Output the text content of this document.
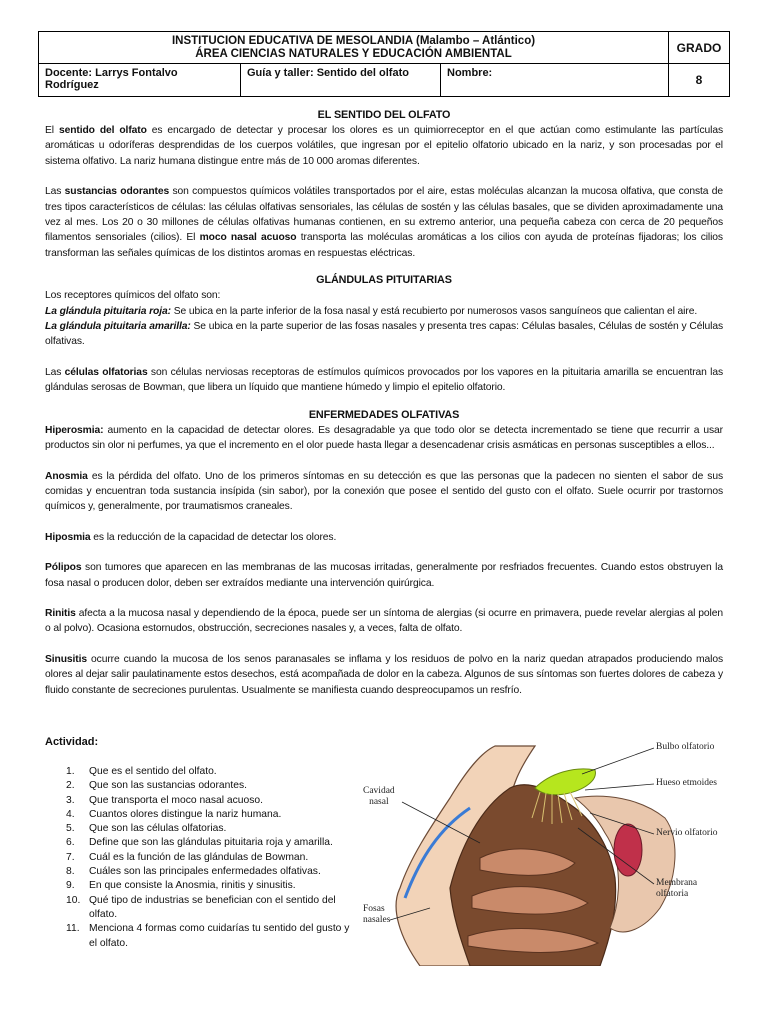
INSTITUCION EDUCATIVA DE MESOLANDIA (Malambo – Atlántico)
ÁREA CIENCIAS NATURALES Y EDUCACIÓN AMBIENTAL	GRADO
8
Docente: Larrys Fontalvo Rodríguez
Guía y taller: Sentido del olfato	Nombre:

EL SENTIDO DEL OLFATO

El sentido del olfato es encargado de detectar y procesar los olores es un quimiorreceptor en el que actúan como estimulante las partículas aromáticas u odoríferas desprendidas de los cuerpos volátiles, que ingresan por el epitelio olfatorio ubicado en la nariz, y son procesadas por el sistema olfativo. La nariz humana distingue entre más de 10 000 aromas diferentes.

Las sustancias odorantes son compuestos químicos volátiles transportados por el aire, estas moléculas alcanzan la mucosa olfativa, que consta de tres tipos característicos de células: las células olfativas sensoriales, las células de sostén y las células basales, que se dividen aproximadamente una vez al mes. Los 20 o 30 millones de células olfativas humanas contienen, en su extremo anterior, una pequeña cabeza con cerca de 20 pequeños filamentos sensoriales (cilios). El moco nasal acuoso transporta las moléculas aromáticas a los cilios con ayuda de proteínas fijadoras; los cilios transforman las señales químicas de los distintos aromas en respuestas eléctricas.

GLÁNDULAS PITUITARIAS

Los receptores químicos del olfato son:

La glándula pituitaria roja: Se ubica en la parte inferior de la fosa nasal y está recubierto por numerosos vasos sanguíneos que calientan el aire.

La glándula pituitaria amarilla: Se ubica en la parte superior de las fosas nasales y presenta tres capas: Células basales, Células de sostén y Células olfativas.

Las células olfatorias son células nerviosas receptoras de estímulos químicos provocados por los vapores en la pituitaria amarilla se encuentran las glándulas serosas de Bowman, que libera un líquido que mantiene húmedo y limpio el epitelio olfatorio.

ENFERMEDADES OLFATIVAS

Hiperosmia: aumento en la capacidad de detectar olores. Es desagradable ya que todo olor se detecta incrementado se tiene que recurrir a usar productos sin olor ni perfumes, ya que el incremento en el olor puede hasta llegar a desencadenar crisis asmáticas en personas susceptibles a ellos...

Anosmia es la pérdida del olfato. Uno de los primeros síntomas en su detección es que las personas que la padecen no sienten el sabor de sus comidas y encuentran toda sustancia insípida (sin sabor), por la conexión que posee el sentido del gusto con el olfato. Suele ocurrir por trastornos químicos y, generalmente, por traumatismos craneales.

Hiposmia es la reducción de la capacidad de detectar los olores.

Pólipos son tumores que aparecen en las membranas de las mucosas irritadas, generalmente por resfriados frecuentes. Cuando estos obstruyen la fosa nasal o producen dolor, deben ser extraídos mediante una intervención quirúrgica.

Rinitis afecta a la mucosa nasal y dependiendo de la época, puede ser un síntoma de alergias (si ocurre en primavera, puede revelar alergias al polen o al polvo). Ocasiona estornudos, obstrucción, secreciones nasales y, a veces, falta de olfato.

Sinusitis ocurre cuando la mucosa de los senos paranasales se inflama y los residuos de polvo en la nariz quedan atrapados produciendo malos olores al dejar salir paulatinamente estos desechos, está acompañada de dolor en la cabeza. Algunos de sus síntomas son fuertes dolores de cabeza y fluido constante de secreciones purulentas. Usualmente se manifiesta cuando despreocupamos un resfrío.

Actividad:
1. Que es el sentido del olfato.
2. Que son las sustancias odorantes.
3. Que transporta el moco nasal acuoso.
4. Cuantos olores distingue la nariz humana.
5. Que son las células olfatorias.
6. Define que son las glándulas pituitaria roja y amarilla.
7. Cuál es la función de las glándulas de Bowman.
8. Cuáles son las principales enfermedades olfativas.
9. En que consiste la Anosmia, rinitis y sinusitis.
10. Qué tipo de industrias se benefician con el sentido del olfato.
11. Menciona 4 formas como cuidarías tu sentido del gusto y el olfato.
Bulbo olfatorio
Hueso etmoides
Nervio olfatorio
Membrana
olfatoria
Cavidad
nasal
Fosas
nasales
